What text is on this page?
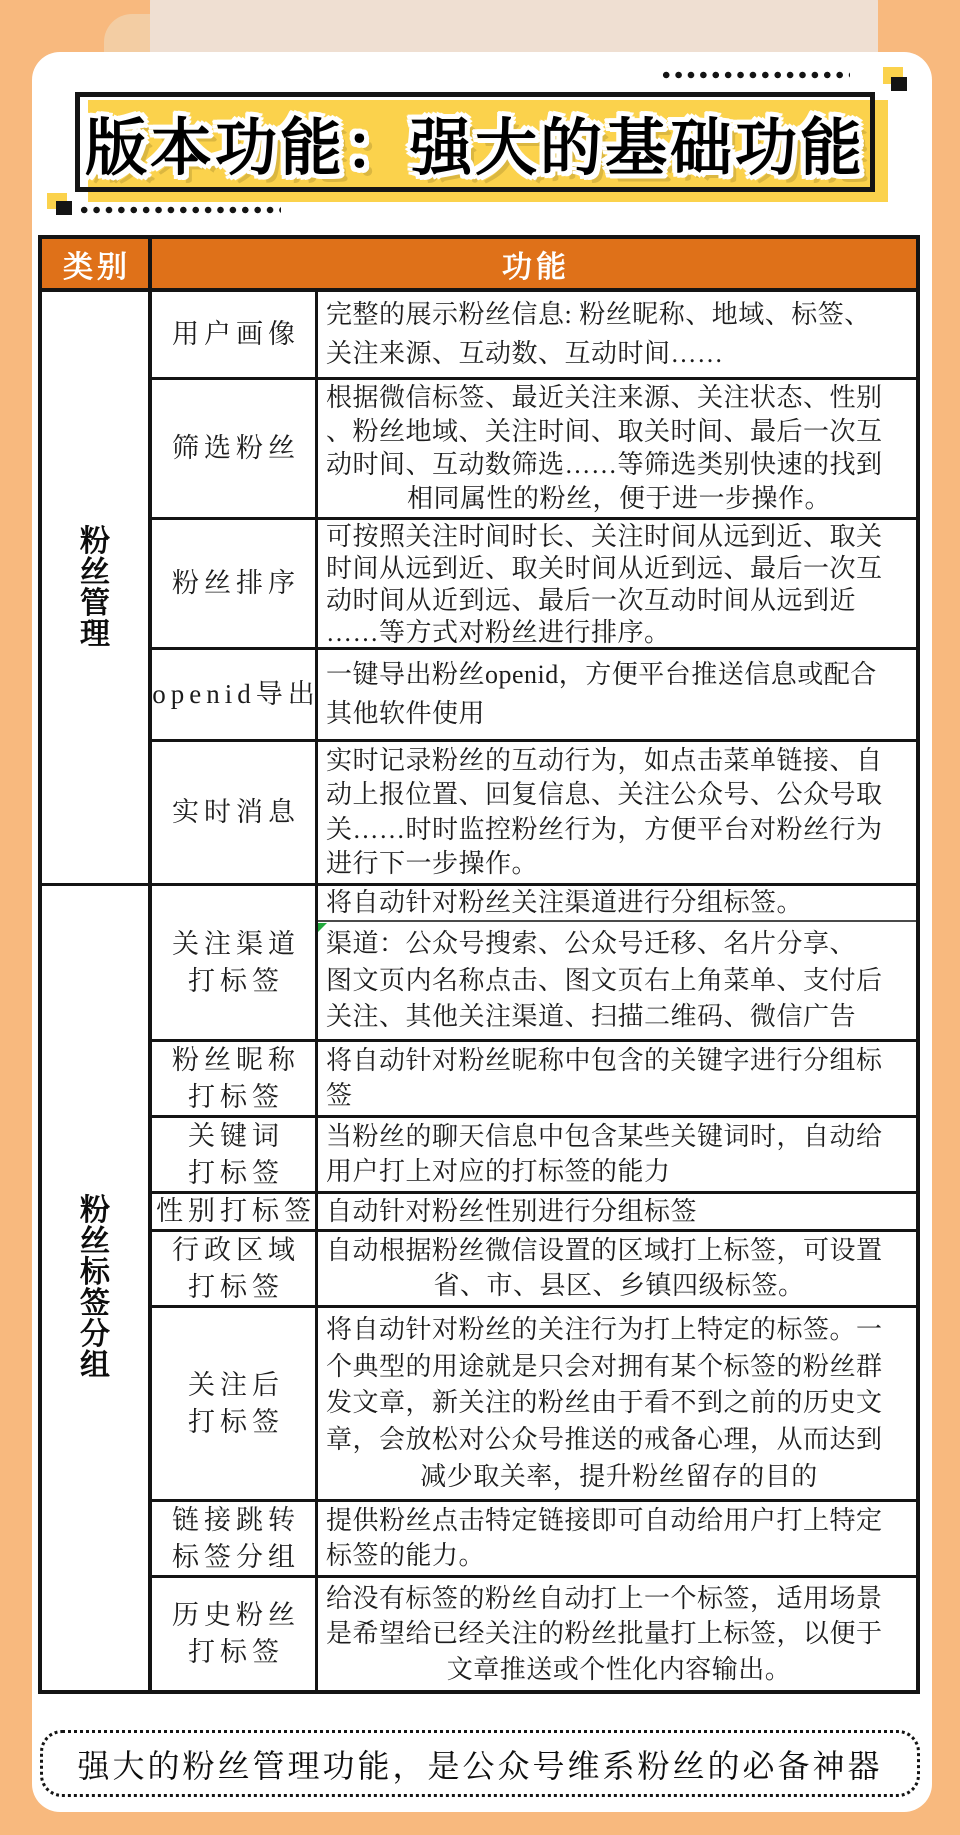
版本功能：强大的基础功能
类别	功能
粉
丝
管
理
粉
丝
标
签
分
组
用户画像
完整的展示粉丝信息: 粉丝昵称、地域、标签、
关注来源、互动数、互动时间……
筛选粉丝
根据微信标签、最近关注来源、关注状态、性别
、粉丝地域、关注时间、取关时间、最后一次互
动时间、互动数筛选……等筛选类别快速的找到
相同属性的粉丝，便于进一步操作。
粉丝排序
可按照关注时间时长、关注时间从远到近、取关
时间从远到近、取关时间从近到远、最后一次互
动时间从近到远、最后一次互动时间从远到近
……等方式对粉丝进行排序。
openid导出
一键导出粉丝openid，方便平台推送信息或配合
其他软件使用
实时消息
实时记录粉丝的互动行为，如点击菜单链接、自
动上报位置、回复信息、关注公众号、公众号取
关……时时监控粉丝行为，方便平台对粉丝行为
进行下一步操作。
关注渠道
打标签
将自动针对粉丝关注渠道进行分组标签。
渠道：公众号搜索、公众号迁移、名片分享、
图文页内名称点击、图文页右上角菜单、支付后
关注、其他关注渠道、扫描二维码、微信广告
粉丝昵称
打标签
将自动针对粉丝昵称中包含的关键字进行分组标
签
关键词
打标签
当粉丝的聊天信息中包含某些关键词时，自动给
用户打上对应的打标签的能力
性别打标签 自动针对粉丝性别进行分组标签
行政区域
打标签
自动根据粉丝微信设置的区域打上标签，可设置
省、市、县区、乡镇四级标签。
关注后
打标签
将自动针对粉丝的关注行为打上特定的标签。一
个典型的用途就是只会对拥有某个标签的粉丝群
发文章，新关注的粉丝由于看不到之前的历史文
章，会放松对公众号推送的戒备心理，从而达到
减少取关率，提升粉丝留存的目的
链接跳转
标签分组
提供粉丝点击特定链接即可自动给用户打上特定
标签的能力。
历史粉丝
打标签
给没有标签的粉丝自动打上一个标签，适用场景
是希望给已经关注的粉丝批量打上标签，以便于
文章推送或个性化内容输出。
强大的粉丝管理功能，是公众号维系粉丝的必备神器
